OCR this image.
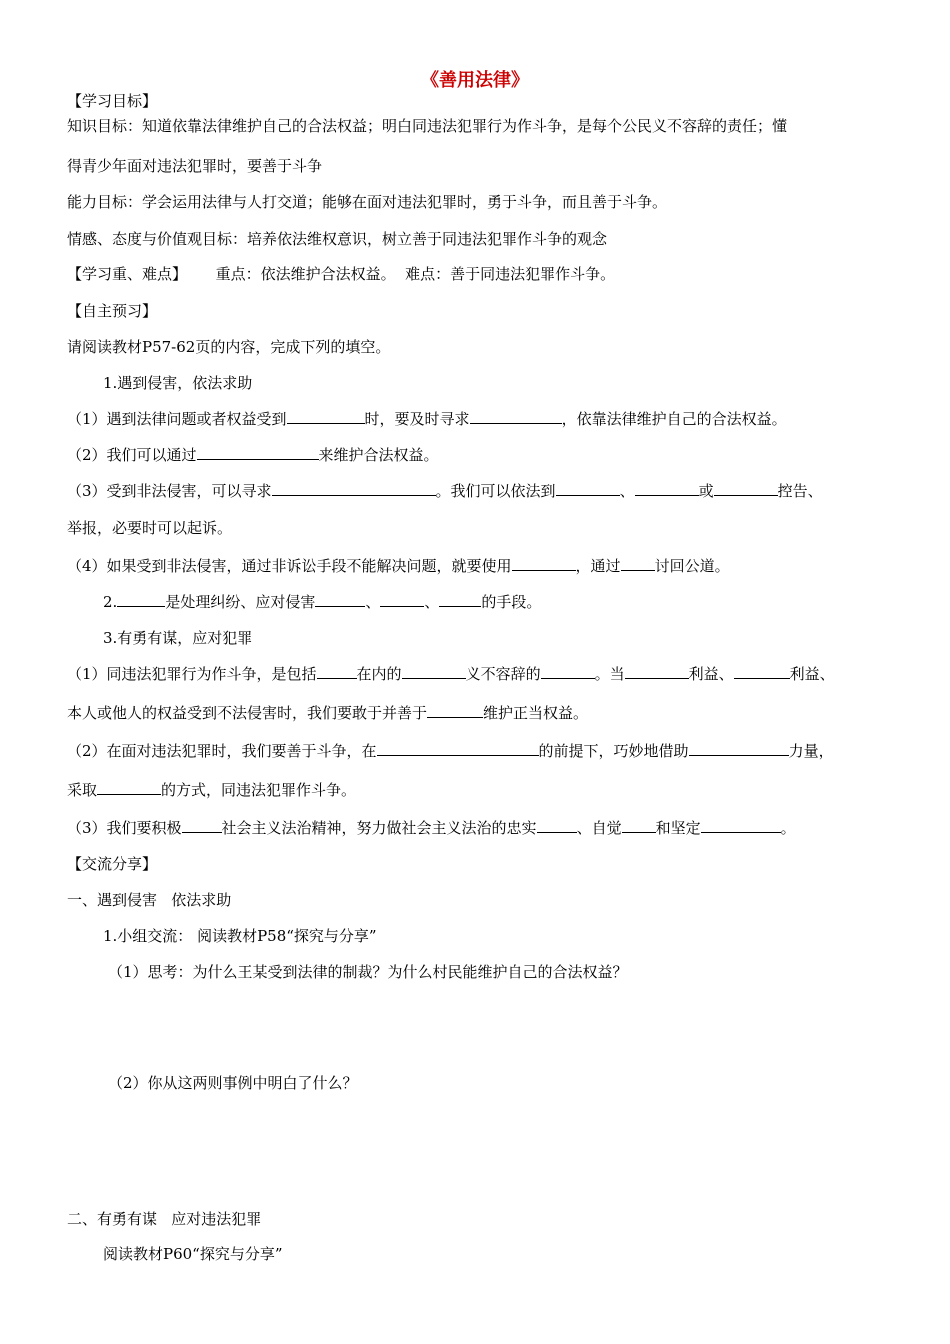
《善用法律》
【学习目标】
知识目标：知道依靠法律维护自己的合法权益；明白同违法犯罪行为作斗争，是每个公民义不容辞的责任；懂
得青少年面对违法犯罪时，要善于斗争
能力目标：学会运用法律与人打交道；能够在面对违法犯罪时，勇于斗争，而且善于斗争。
情感、态度与价值观目标：培养依法维权意识，树立善于同违法犯罪作斗争的观念
【学习重、难点】      重点：依法维护合法权益。  难点：善于同违法犯罪作斗争。
【自主预习】
请阅读教材P57-62页的内容，完成下列的填空。
1.遇到侵害，依法求助
（1）遇到法律问题或者权益受到	时，要及时寻求	，依靠法律维护自己的合法权益。
（2）我们可以通过	来维护合法权益。
（3）受到非法侵害，可以寻求	。我们可以依法到	、	或	控告、
举报，必要时可以起诉。
（4）如果受到非法侵害，通过非诉讼手段不能解决问题，就要使用	，通过 讨回公道。
2.	是处理纠纷、应对侵害	、	、	的手段。
3.有勇有谋，应对犯罪
（1）同违法犯罪行为作斗争，是包括	在内的	义不容辞的	。当	利益、	利益、
本人或他人的权益受到不法侵害时，我们要敢于并善于	维护正当权益。
（2）在面对违法犯罪时，我们要善于斗争，在	的前提下，巧妙地借助	力量，
采取	的方式，同违法犯罪作斗争。
（3）我们要积极	社会主义法治精神，努力做社会主义法治的忠实	、自觉 和坚定	。
【交流分享】
一、遇到侵害   依法求助
1.小组交流： 阅读教材P58“探究与分享”
（1）思考：为什么王某受到法律的制裁？为什么村民能维护自己的合法权益？
（2）你从这两则事例中明白了什么？
二、有勇有谋   应对违法犯罪
阅读教材P60“探究与分享”
